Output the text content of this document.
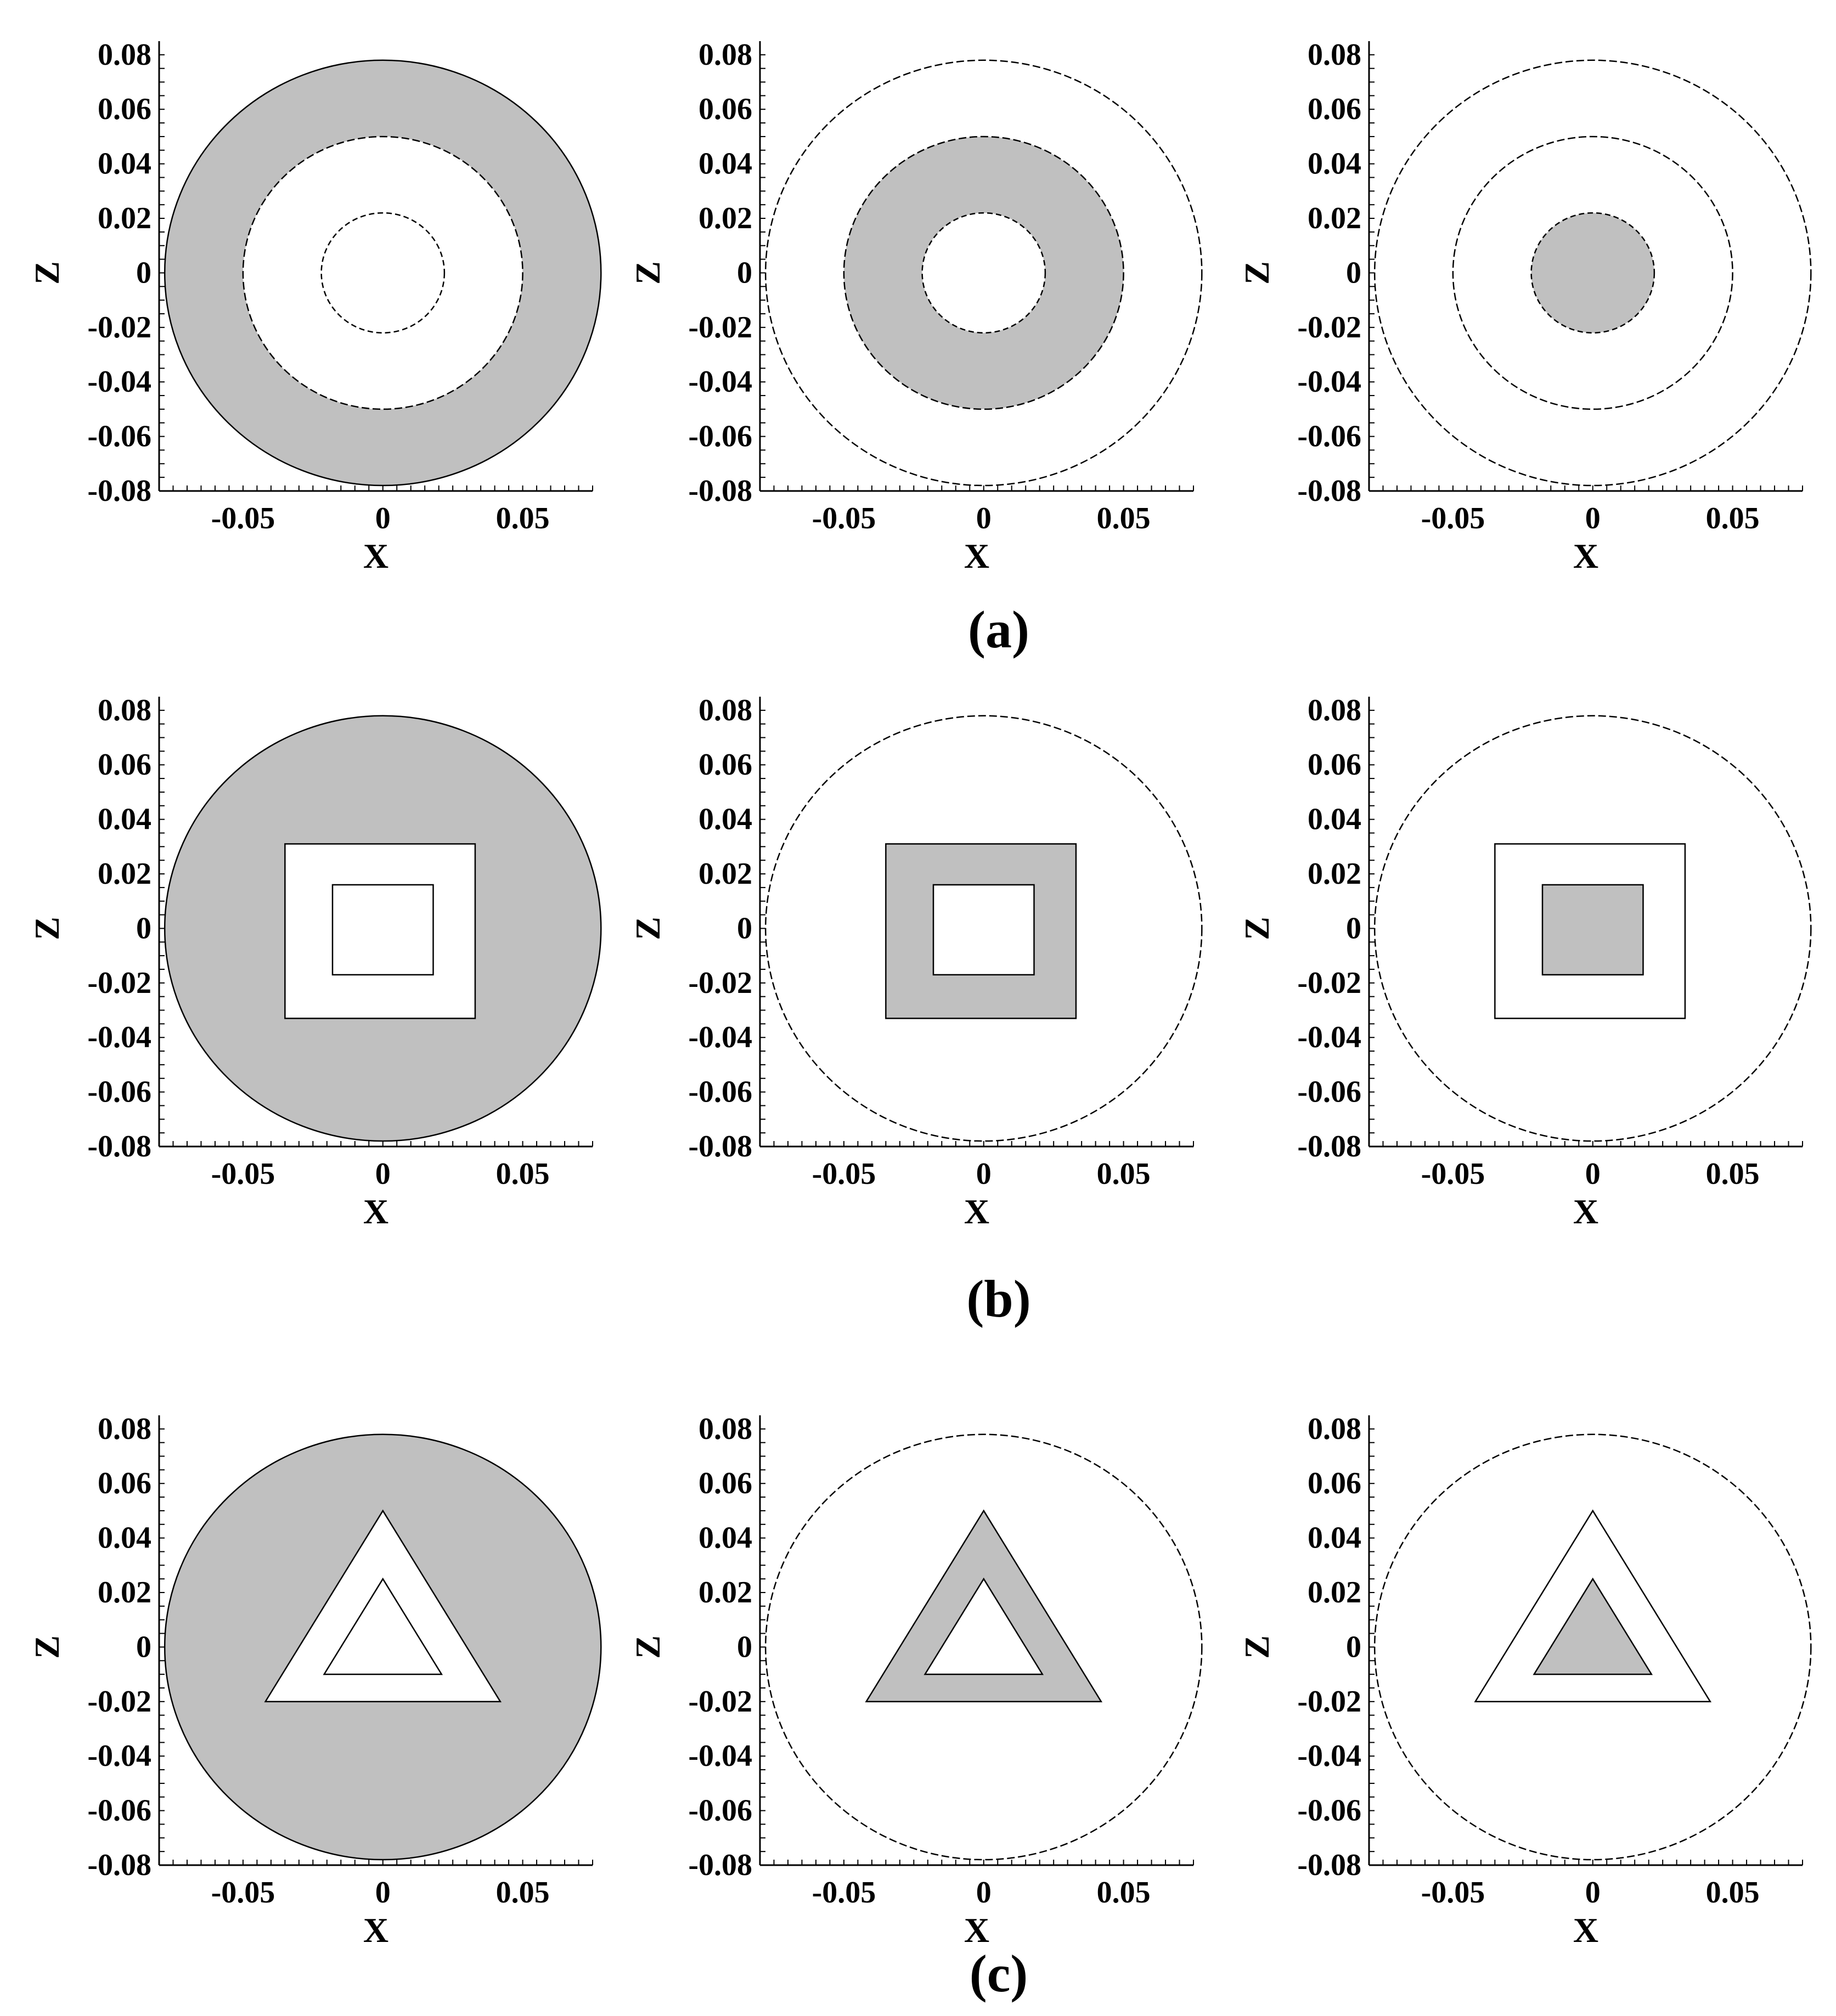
0.08
0.06
0.04
0.02
0
-0.02
-0.04
-0.06
-0.08
-0.05	0	0.05
X
Z
0.08
0.06
0.04
0.02
0
-0.02
-0.04
-0.06
-0.08
-0.05	0	0.05
X
Z
0.08
0.06
0.04
0.02
0
-0.02
-0.04
-0.06
-0.08
-0.05	0	0.05
X
Z
(a)
0.08
0.06
0.04
0.02
0
-0.02
-0.04
-0.06
-0.08
-0.05	0	0.05
X
Z
0.08
0.06
0.04
0.02
0
-0.02
-0.04
-0.06
-0.08
-0.05	0	0.05
X
Z
0.08
0.06
0.04
0.02
0
-0.02
-0.04
-0.06
-0.08
-0.05	0	0.05
X
Z
(b)
0.08
0.06
0.04
0.02
0
-0.02
-0.04
-0.06
-0.08
-0.05	0	0.05
X
Z
0.08
0.06
0.04
0.02
0
-0.02
-0.04
-0.06
-0.08
-0.05	0	0.05
X
Z
0.08
0.06
0.04
0.02
0
-0.02
-0.04
-0.06
-0.08
-0.05	0	0.05
X
Z
(c)
